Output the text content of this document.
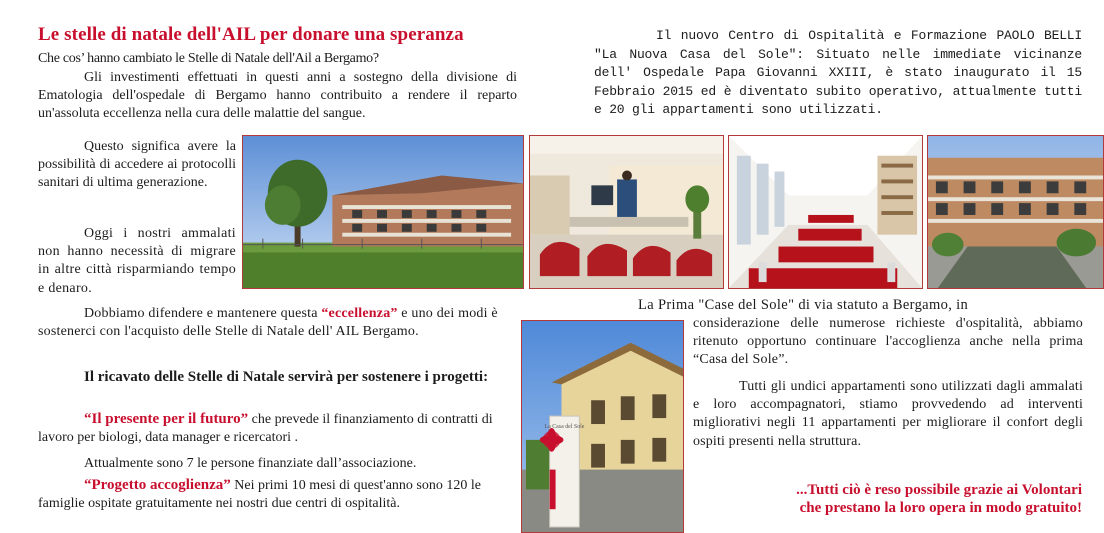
Le stelle di natale dell'AIL per donare una speranza

Che cos’ hanno cambiato le Stelle di Natale dell'Ail a Bergamo?

Gli investimenti effettuati in questi anni a sostegno della divisione di Ematologia dell'ospedale di Bergamo hanno contribuito a rendere il reparto un'assoluta eccellenza nella cura delle malattie del sangue.

Questo significa avere la possibilità di accedere ai protocolli sanitari di ultima generazione.

Oggi i nostri ammalati non hanno necessità di migrare in altre città risparmiando tempo e denaro.

Dobbiamo difendere e mantenere questa “eccellenza” e uno dei modi è sostenerci con l'acquisto delle Stelle di Natale dell' AIL Bergamo.

Il ricavato delle Stelle di Natale servirà per sostenere i progetti:

“Il presente per il futuro” che prevede il finanziamento di contratti di lavoro per biologi, data manager e ricercatori .

Attualmente sono 7 le persone finanziate dall’associazione.

“Progetto accoglienza” Nei primi 10 mesi di quest'anno sono 120 le famiglie ospitate gratuitamente nei nostri due centri di ospitalità.

Il nuovo Centro di Ospitalità e Formazione PAOLO BELLI "La Nuova Casa del Sole": Situato nelle immediate vicinanze dell' Ospedale Papa Giovanni XXIII, è stato inaugurato il 15 Febbraio 2015 ed è diventato subito operativo, attualmente tutti e 20 gli appartamenti sono utilizzati.

La Prima "Case del Sole" di via statuto a Bergamo, in

considerazione delle numerose richieste d'ospitalità, abbiamo ritenuto opportuno continuare l'accoglienza anche nella prima “Casa del Sole”.

Tutti gli undici appartamenti sono utilizzati dagli ammalati e loro accompagnatori, stiamo provvedendo ad interventi migliorativi negli 11 appartamenti per migliorare il confort degli ospiti presenti nella struttura.

La Casa del Sole
...Tutti ciò è reso possibile grazie ai Volontari
che prestano la loro opera in modo gratuito!
